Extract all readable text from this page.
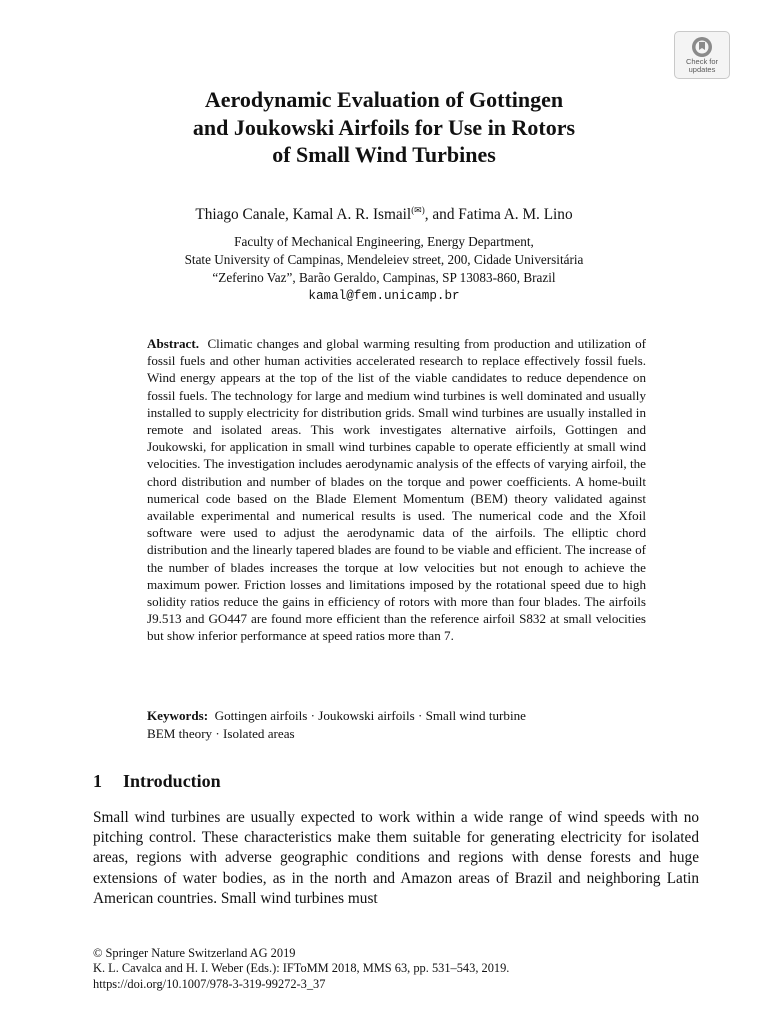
Check for
updates
Aerodynamic Evaluation of Gottingen
and Joukowski Airfoils for Use in Rotors
of Small Wind Turbines
Thiago Canale, Kamal A. R. Ismail(✉), and Fatima A. M. Lino
Faculty of Mechanical Engineering, Energy Department,
State University of Campinas, Mendeleiev street, 200, Cidade Universitária
“Zeferino Vaz”, Barão Geraldo, Campinas, SP 13083-860, Brazil
kamal@fem.unicamp.br
Abstract. Climatic changes and global warming resulting from production and utilization of fossil fuels and other human activities accelerated research to replace effectively fossil fuels. Wind energy appears at the top of the list of the viable candidates to reduce dependence on fossil fuels. The technology for large and medium wind turbines is well dominated and usually installed to supply electricity for distribution grids. Small wind turbines are usually installed in remote and isolated areas. This work investigates alternative airfoils, Gottingen and Joukowski, for application in small wind turbines capable to operate efficiently at small wind velocities. The investigation includes aerodynamic analysis of the effects of varying airfoil, the chord distribution and number of blades on the torque and power coefficients. A home-built numerical code based on the Blade Element Momentum (BEM) theory validated against available experimental and numerical results is used. The numerical code and the Xfoil software were used to adjust the aerodynamic data of the airfoils. The elliptic chord distribution and the linearly tapered blades are found to be viable and efficient. The increase of the number of blades increases the torque at low velocities but not enough to achieve the maximum power. Friction losses and limitations imposed by the rotational speed due to high solidity ratios reduce the gains in efficiency of rotors with more than four blades. The airfoils J9.513 and GO447 are found more efficient than the reference airfoil S832 at small velocities but show inferior performance at speed ratios more than 7.
Keywords: Gottingen airfoils · Joukowski airfoils · Small wind turbine
BEM theory · Isolated areas
1 Introduction
Small wind turbines are usually expected to work within a wide range of wind speeds with no pitching control. These characteristics make them suitable for generating electricity for isolated areas, regions with adverse geographic conditions and regions with dense forests and huge extensions of water bodies, as in the north and Amazon areas of Brazil and neighboring Latin American countries. Small wind turbines must
© Springer Nature Switzerland AG 2019
K. L. Cavalca and H. I. Weber (Eds.): IFToMM 2018, MMS 63, pp. 531–543, 2019.
https://doi.org/10.1007/978-3-319-99272-3_37
